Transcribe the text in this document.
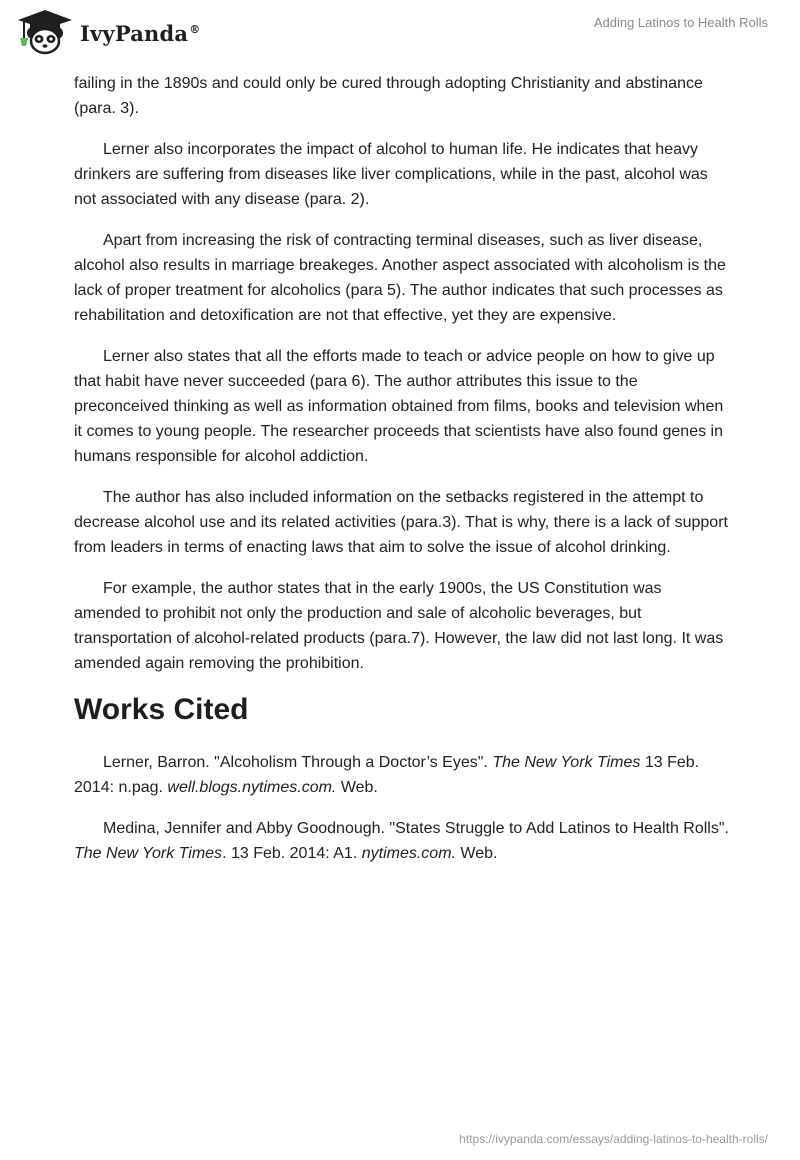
IvyPanda®	Adding Latinos to Health Rolls

failing in the 1890s and could only be cured through adopting Christianity and abstinance (para. 3).

Lerner also incorporates the impact of alcohol to human life. He indicates that heavy drinkers are suffering from diseases like liver complications, while in the past, alcohol was not associated with any disease (para. 2).

Apart from increasing the risk of contracting terminal diseases, such as liver disease, alcohol also results in marriage breakeges. Another aspect associated with alcoholism is the lack of proper treatment for alcoholics (para 5). The author indicates that such processes as rehabilitation and detoxification are not that effective, yet they are expensive.

Lerner also states that all the efforts made to teach or advice people on how to give up that habit have never succeeded (para 6). The author attributes this issue to the preconceived thinking as well as information obtained from films, books and television when it comes to young people. The researcher proceeds that scientists have also found genes in humans responsible for alcohol addiction.

The author has also included information on the setbacks registered in the attempt to decrease alcohol use and its related activities (para.3). That is why, there is a lack of support from leaders in terms of enacting laws that aim to solve the issue of alcohol drinking.

For example, the author states that in the early 1900s, the US Constitution was amended to prohibit not only the production and sale of alcoholic beverages, but transportation of alcohol-related products (para.7). However, the law did not last long. It was amended again removing the prohibition.

Works Cited

Lerner, Barron. "Alcoholism Through a Doctor’s Eyes". The New York Times 13 Feb. 2014: n.pag. well.blogs.nytimes.com. Web.

Medina, Jennifer and Abby Goodnough. "States Struggle to Add Latinos to Health Rolls". The New York Times. 13 Feb. 2014: A1. nytimes.com. Web.

https://ivypanda.com/essays/adding-latinos-to-health-rolls/
